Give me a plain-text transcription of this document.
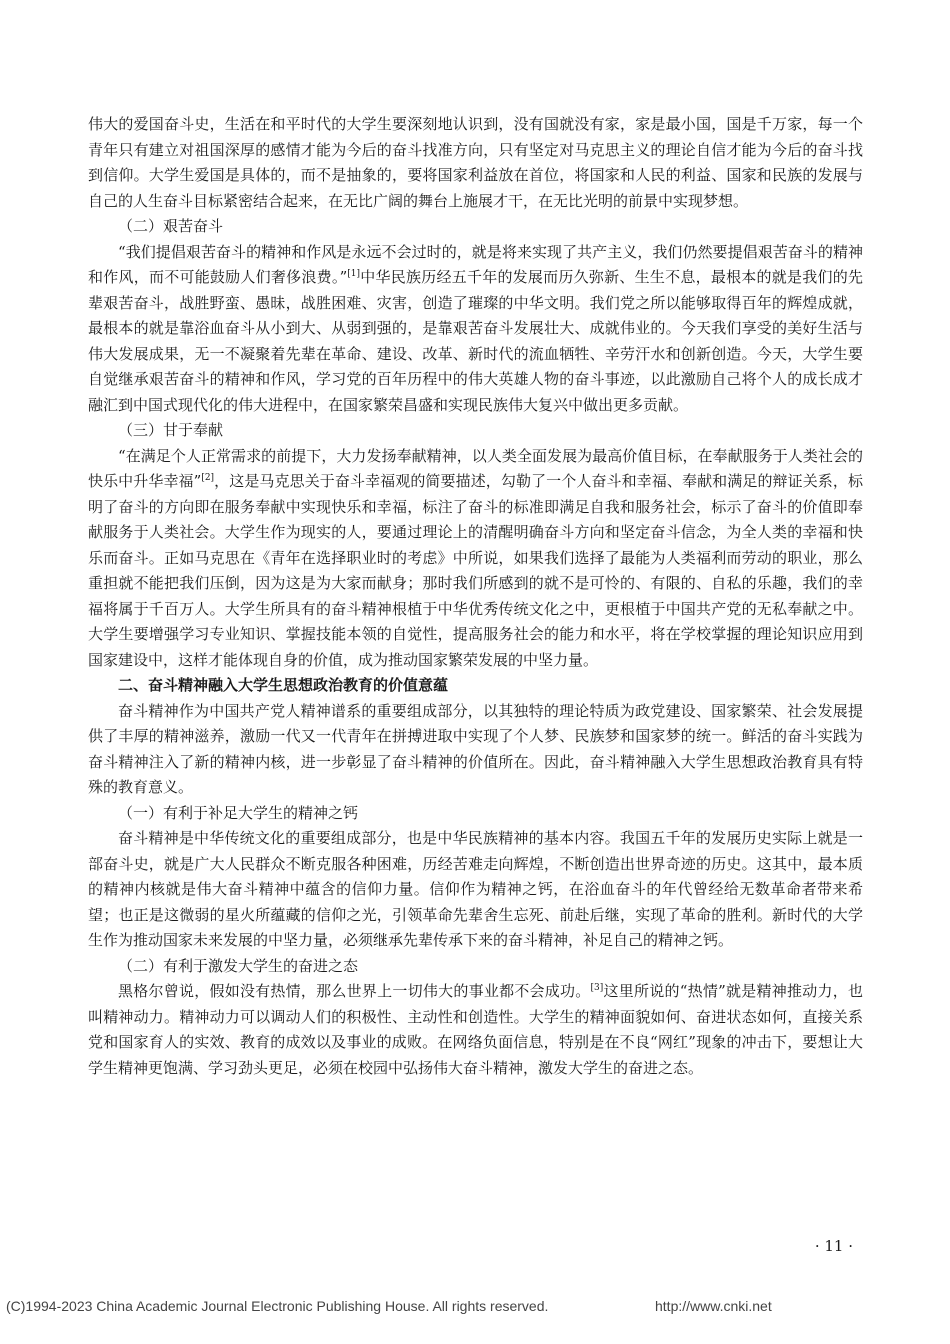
伟大的爱国奋斗史，生活在和平时代的大学生要深刻地认识到，没有国就没有家，家是最小国，国是千万家，每一个青年只有建立对祖国深厚的感情才能为今后的奋斗找准方向，只有坚定对马克思主义的理论自信才能为今后的奋斗找到信仰。大学生爱国是具体的，而不是抽象的，要将国家利益放在首位，将国家和人民的利益、国家和民族的发展与自己的人生奋斗目标紧密结合起来，在无比广阔的舞台上施展才干，在无比光明的前景中实现梦想。

（二）艰苦奋斗

“我们提倡艰苦奋斗的精神和作风是永远不会过时的，就是将来实现了共产主义，我们仍然要提倡艰苦奋斗的精神和作风，而不可能鼓励人们奢侈浪费。”[1]中华民族历经五千年的发展而历久弥新、生生不息，最根本的就是我们的先辈艰苦奋斗，战胜野蛮、愚昧，战胜困难、灾害，创造了璀璨的中华文明。我们党之所以能够取得百年的辉煌成就，最根本的就是靠浴血奋斗从小到大、从弱到强的，是靠艰苦奋斗发展壮大、成就伟业的。今天我们享受的美好生活与伟大发展成果，无一不凝聚着先辈在革命、建设、改革、新时代的流血牺牲、辛劳汗水和创新创造。今天，大学生要自觉继承艰苦奋斗的精神和作风，学习党的百年历程中的伟大英雄人物的奋斗事迹，以此激励自己将个人的成长成才融汇到中国式现代化的伟大进程中，在国家繁荣昌盛和实现民族伟大复兴中做出更多贡献。

（三）甘于奉献

“在满足个人正常需求的前提下，大力发扬奉献精神，以人类全面发展为最高价值目标，在奉献服务于人类社会的快乐中升华幸福”[2]，这是马克思关于奋斗幸福观的简要描述，勾勒了一个人奋斗和幸福、奉献和满足的辩证关系，标明了奋斗的方向即在服务奉献中实现快乐和幸福，标注了奋斗的标准即满足自我和服务社会，标示了奋斗的价值即奉献服务于人类社会。大学生作为现实的人，要通过理论上的清醒明确奋斗方向和坚定奋斗信念，为全人类的幸福和快乐而奋斗。正如马克思在《青年在选择职业时的考虑》中所说，如果我们选择了最能为人类福利而劳动的职业，那么重担就不能把我们压倒，因为这是为大家而献身；那时我们所感到的就不是可怜的、有限的、自私的乐趣，我们的幸福将属于千百万人。大学生所具有的奋斗精神根植于中华优秀传统文化之中，更根植于中国共产党的无私奉献之中。大学生要增强学习专业知识、掌握技能本领的自觉性，提高服务社会的能力和水平，将在学校掌握的理论知识应用到国家建设中，这样才能体现自身的价值，成为推动国家繁荣发展的中坚力量。

二、奋斗精神融入大学生思想政治教育的价值意蕴

奋斗精神作为中国共产党人精神谱系的重要组成部分，以其独特的理论特质为政党建设、国家繁荣、社会发展提供了丰厚的精神滋养，激励一代又一代青年在拼搏进取中实现了个人梦、民族梦和国家梦的统一。鲜活的奋斗实践为奋斗精神注入了新的精神内核，进一步彰显了奋斗精神的价值所在。因此，奋斗精神融入大学生思想政治教育具有特殊的教育意义。

（一）有利于补足大学生的精神之钙

奋斗精神是中华传统文化的重要组成部分，也是中华民族精神的基本内容。我国五千年的发展历史实际上就是一部奋斗史，就是广大人民群众不断克服各种困难，历经苦难走向辉煌，不断创造出世界奇迹的历史。这其中，最本质的精神内核就是伟大奋斗精神中蕴含的信仰力量。信仰作为精神之钙，在浴血奋斗的年代曾经给无数革命者带来希望；也正是这微弱的星火所蕴藏的信仰之光，引领革命先辈舍生忘死、前赴后继，实现了革命的胜利。新时代的大学生作为推动国家未来发展的中坚力量，必须继承先辈传承下来的奋斗精神，补足自己的精神之钙。

（二）有利于激发大学生的奋进之态

黑格尔曾说，假如没有热情，那么世界上一切伟大的事业都不会成功。[3]这里所说的“热情”就是精神推动力，也叫精神动力。精神动力可以调动人们的积极性、主动性和创造性。大学生的精神面貌如何、奋进状态如何，直接关系党和国家育人的实效、教育的成效以及事业的成败。在网络负面信息，特别是在不良“网红”现象的冲击下，要想让大学生精神更饱满、学习劲头更足，必须在校园中弘扬伟大奋斗精神，激发大学生的奋进之态。

· 11 ·
(C)1994-2023 China Academic Journal Electronic Publishing House. All rights reserved.	http://www.cnki.net
